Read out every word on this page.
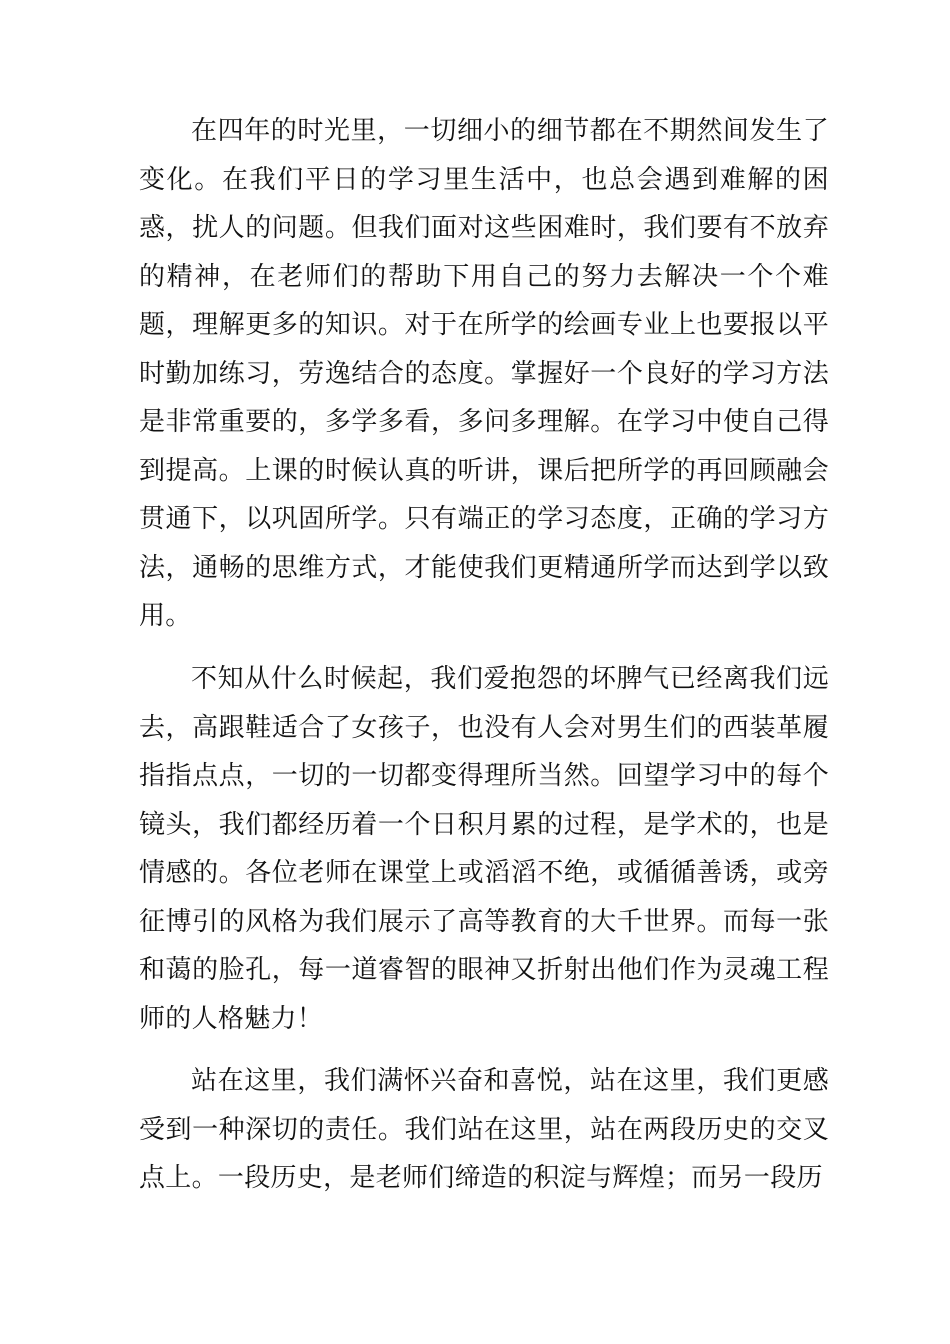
在四年的时光里，一切细小的细节都在不期然间发生了变化。在我们平日的学习里生活中，也总会遇到难解的困惑，扰人的问题。但我们面对这些困难时，我们要有不放弃的精神，在老师们的帮助下用自己的努力去解决一个个难题，理解更多的知识。对于在所学的绘画专业上也要报以平时勤加练习，劳逸结合的态度。掌握好一个良好的学习方法是非常重要的，多学多看，多问多理解。在学习中使自己得到提高。上课的时候认真的听讲，课后把所学的再回顾融会贯通下，以巩固所学。只有端正的学习态度，正确的学习方法，通畅的思维方式，才能使我们更精通所学而达到学以致用。

不知从什么时候起，我们爱抱怨的坏脾气已经离我们远去，高跟鞋适合了女孩子，也没有人会对男生们的西装革履指指点点，一切的一切都变得理所当然。回望学习中的每个镜头，我们都经历着一个日积月累的过程，是学术的，也是情感的。各位老师在课堂上或滔滔不绝，或循循善诱，或旁征博引的风格为我们展示了高等教育的大千世界。而每一张和蔼的脸孔，每一道睿智的眼神又折射出他们作为灵魂工程师的人格魅力！

站在这里，我们满怀兴奋和喜悦，站在这里，我们更感受到一种深切的责任。我们站在这里，站在两段历史的交叉点上。一段历史，是老师们缔造的积淀与辉煌；而另一段历
